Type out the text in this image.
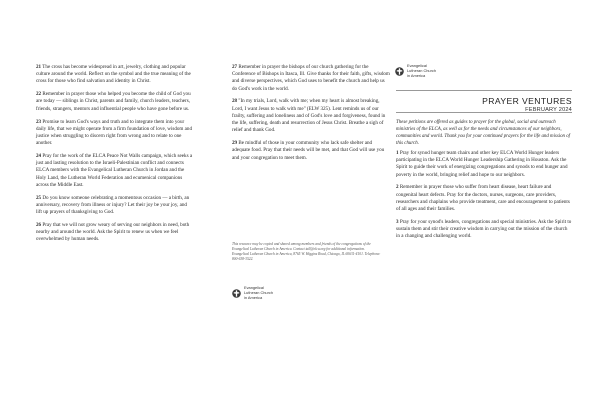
21 The cross has become widespread in art, jewelry, clothing and popular culture around the world. Reflect on the symbol and the true meaning of the cross for those who find salvation and identity in Christ.

22 Remember in prayer those who helped you become the child of God you are today — siblings in Christ, parents and family, church leaders, teachers, friends, strangers, mentors and influential people who have gone before us.

23 Promise to learn God's ways and truth and to integrate them into your daily life, that we might operate from a firm foundation of love, wisdom and justice when struggling to discern right from wrong and to relate to one another.

24 Pray for the work of the ELCA Peace Not Walls campaign, which seeks a just and lasting resolution to the Israeli-Palestinian conflict and connects ELCA members with the Evangelical Lutheran Church in Jordan and the Holy Land, the Lutheran World Federation and ecumenical companions across the Middle East.

25 Do you know someone celebrating a momentous occasion — a birth, an anniversary, recovery from illness or injury? Let their joy be your joy, and lift up prayers of thanksgiving to God.

26 Pray that we will not grow weary of serving our neighbors in need, both nearby and around the world. Ask the Spirit to renew us when we feel overwhelmed by human needs.

27 Remember in prayer the bishops of our church gathering for the Conference of Bishops in Itasca, Ill. Give thanks for their faith, gifts, wisdom and diverse perspectives, which God uses to benefit the church and help us do God's work in the world.

28 "In my trials, Lord, walk with me; when my heart is almost breaking, Lord, I want Jesus to walk with me" (ELW 325). Lent reminds us of our frailty, suffering and loneliness and of God's love and forgiveness, found in the life, suffering, death and resurrection of Jesus Christ. Breathe a sigh of relief and thank God.

29 Be mindful of those in your community who lack safe shelter and adequate food. Pray that their needs will be met, and that God will use you and your congregation to meet them.

This resource may be copied and shared among members and friends of the congregations of the Evangelical Lutheran Church in America. Contact tall@elca.org for additional information. Evangelical Lutheran Church in America, 8765 W. Higgins Road, Chicago, IL 60631-4101. Telephone: 800-638-3522.

Evangelical
Lutheran Church
in America
Evangelical
Lutheran Church
in America
PRAYER VENTURES
FEBRUARY 2024

These petitions are offered as guides to prayer for the global, social and outreach ministries of the ELCA, as well as for the needs and circumstances of our neighbors, communities and world. Thank you for your continued prayers for the life and mission of this church.

1 Pray for synod hunger team chairs and other key ELCA World Hunger leaders participating in the ELCA World Hunger Leadership Gathering in Houston. Ask the Spirit to guide their work of energizing congregations and synods to end hunger and poverty in the world, bringing relief and hope to our neighbors.

2 Remember in prayer those who suffer from heart disease, heart failure and congenital heart defects. Pray for the doctors, nurses, surgeons, care providers, researchers and chaplains who provide treatment, care and encouragement to patients of all ages and their families.

3 Pray for your synod's leaders, congregations and special ministries. Ask the Spirit to sustain them and stir their creative wisdom in carrying out the mission of the church in a changing and challenging world.
